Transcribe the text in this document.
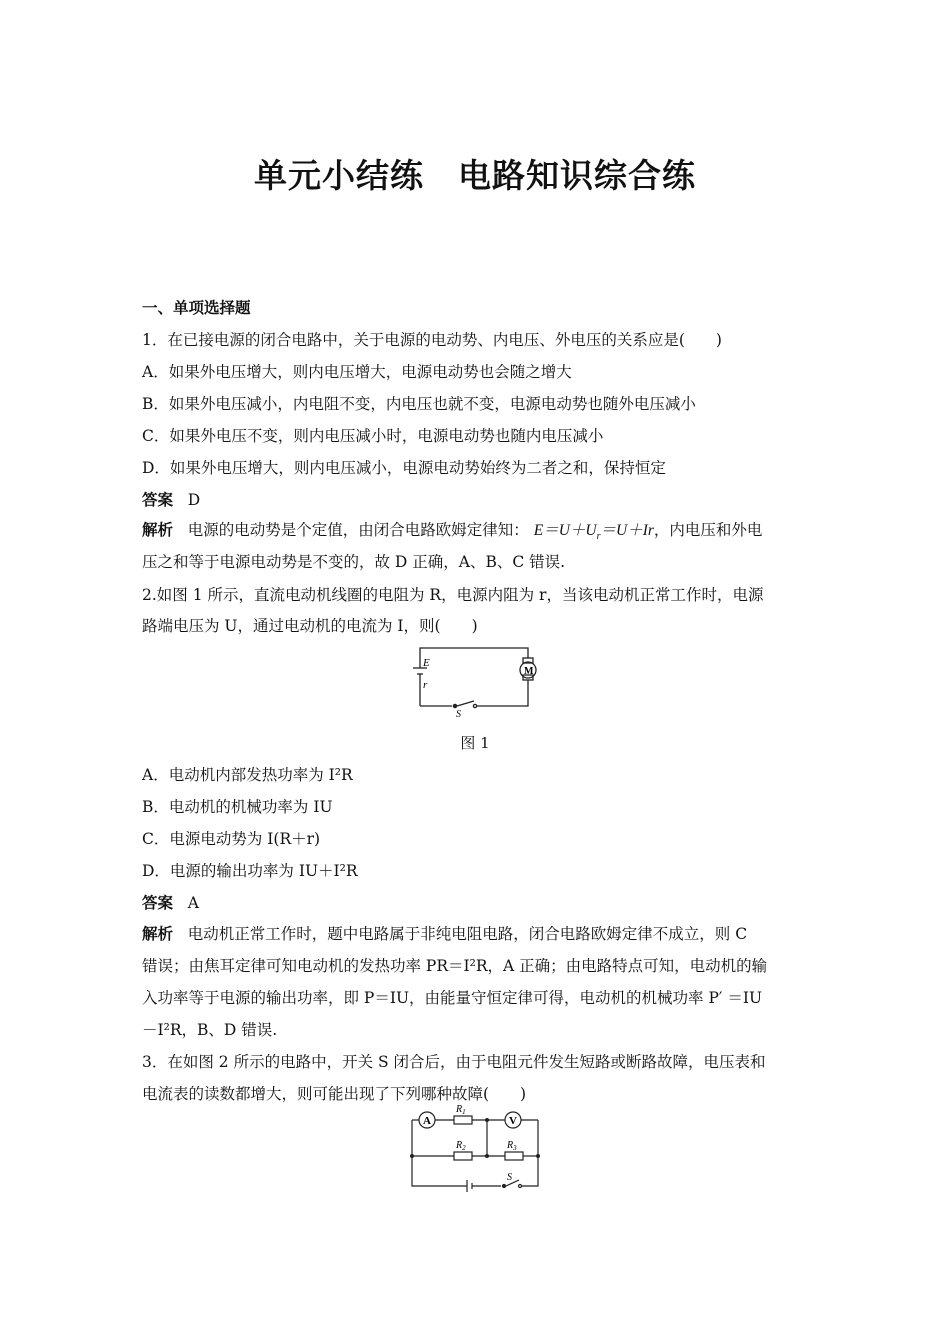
单元小结练　电路知识综合练
一、单项选择题
1．在已接电源的闭合电路中，关于电源的电动势、内电压、外电压的关系应是(　　)
A．如果外电压增大，则内电压增大，电源电动势也会随之增大
B．如果外电压减小，内电阻不变，内电压也就不变，电源电动势也随外电压减小
C．如果外电压不变，则内电压减小时，电源电动势也随内电压减小
D．如果外电压增大，则内电压减小，电源电动势始终为二者之和，保持恒定
答案 D
解析 电源的电动势是个定值，由闭合电路欧姆定律知： $E=U+U_r=U+Ir$，内电压和外电
压之和等于电源电动势是不变的，故 D 正确，A、B、C 错误.
2.如图 1 所示，直流电动机线圈的电阻为 R，电源内阻为 r，当该电动机正常工作时，电源
路端电压为 U，通过电动机的电流为 I，则(　　)
E
r
S
M
图 1
A．电动机内部发热功率为 I²R
B．电动机的机械功率为 IU
C．电源电动势为 I(R＋r)
D．电源的输出功率为 IU＋I²R
答案 A
解析 电动机正常工作时，题中电路属于非纯电阻电路，闭合电路欧姆定律不成立，则 C
错误；由焦耳定律可知电动机的发热功率 PR＝I²R，A 正确；由电路特点可知，电动机的输
入功率等于电源的输出功率，即 P＝IU，由能量守恒定律可得，电动机的机械功率 P′ ＝IU
－I²R，B、D 错误.
3．在如图 2 所示的电路中，开关 S 闭合后，由于电阻元件发生短路或断路故障，电压表和
电流表的读数都增大，则可能出现了下列哪种故障(　　)
A	V
$R_1$
$R_2$	$R_3$
S
